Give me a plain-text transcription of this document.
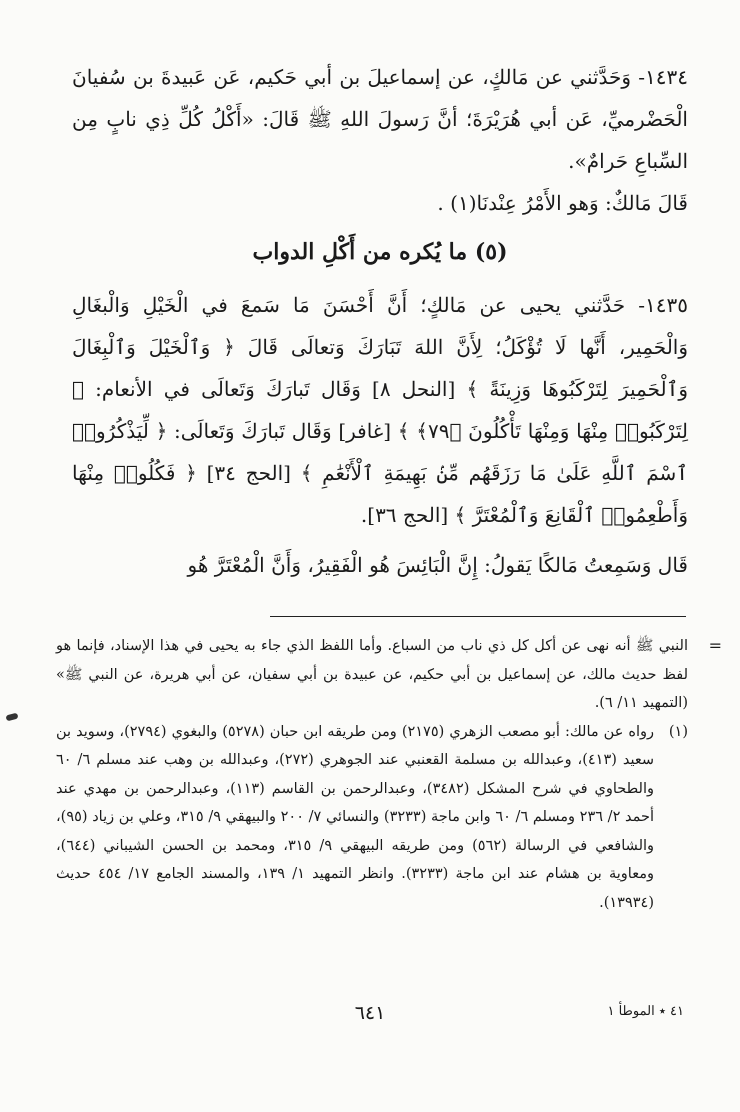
١٤٣٤- وَحَدَّثني عن مَالكٍ، عن إسماعيلَ بن أبي حَكيم، عَن عَبيدةَ بن سُفيانَ الْحَضْرميِّ، عَن أبي هُرَيْرَةَ؛ أنَّ رَسولَ اللهِ ﷺ قَالَ: «أَكْلُ كُلِّ ذِي نابٍ مِن السِّباعِ حَرامٌ».

قَالَ مَالكٌ: وَهو الأَمْرُ عِنْدنَا(١) .

(٥) ما يُكره من أَكْلِ الدواب

١٤٣٥- حَدَّثني يحيى عن مَالكٍ؛ أَنَّ أَحْسَنَ مَا سَمعَ في الْخَيْلِ وَالْبغَالِ وَالْحَمِير، أَنَّها لَا تُؤْكَلُ؛ لِأَنَّ اللهَ تَبَارَكَ وَتعالَى قَالَ ﴿ وَٱلْخَيْلَ وَٱلْبِغَالَ وَٱلْحَمِيرَ لِتَرْكَبُوهَا وَزِينَةً ﴾ [النحل ٨] وَقَال تَبارَكَ وَتَعالَى في الأنعام: ﴿ لِتَرْكَبُوا۟ مِنْهَا وَمِنْهَا تَأْكُلُونَ ﴿٧٩﴾ ﴾ [غافر] وَقَال تَبارَكَ وَتَعالَى: ﴿ لِّيَذْكُرُوا۟ ٱسْمَ ٱللَّهِ عَلَىٰ مَا رَزَقَهُم مِّنۢ بَهِيمَةِ ٱلْأَنْعَٰمِ ﴾ [الحج ٣٤] ﴿ فَكُلُوا۟ مِنْهَا وَأَطْعِمُوا۟ ٱلْقَانِعَ وَٱلْمُعْتَرَّ ﴾ [الحج ٣٦].

قَال وَسَمِعتُ مَالكًا يَقولُ: إِنَّ الْبَائِسَ هُو الْفَقِيرُ، وَأَنَّ الْمُعْتَرَّ هُو

=
النبي ﷺ أنه نهى عن أكل كل ذي ناب من السباع. وأما اللفظ الذي جاء به يحيى في هذا الإسناد، فإنما هو لفظ حديث مالك، عن إسماعيل بن أبي حكيم، عن عبيدة بن أبي سفيان، عن أبي هريرة، عن النبي ﷺ» (التمهيد ١١/ ٦).
(١)
رواه عن مالك: أبو مصعب الزهري (٢١٧٥) ومن طريقه ابن حبان (٥٢٧٨) والبغوي (٢٧٩٤)، وسويد بن سعيد (٤١٣)، وعبدالله بن مسلمة القعنبي عند الجوهري (٢٧٢)، وعبدالله بن وهب عند مسلم ٦/ ٦٠ والطحاوي في شرح المشكل (٣٤٨٢)، وعبدالرحمن بن القاسم (١١٣)، وعبدالرحمن بن مهدي عند أحمد ٢/ ٢٣٦ ومسلم ٦/ ٦٠ وابن ماجة (٣٢٣٣) والنسائي ٧/ ٢٠٠ والبيهقي ٩/ ٣١٥، وعلي بن زياد (٩٥)، والشافعي في الرسالة (٥٦٢) ومن طريقه البيهقي ٩/ ٣١٥، ومحمد بن الحسن الشيباني (٦٤٤)، ومعاوية بن هشام عند ابن ماجة (٣٢٣٣). وانظر التمهيد ١/ ١٣٩، والمسند الجامع ١٧/ ٤٥٤ حديث (١٣٩٣٤).
٦٤١	٤١ ٭ الموطأ ١
